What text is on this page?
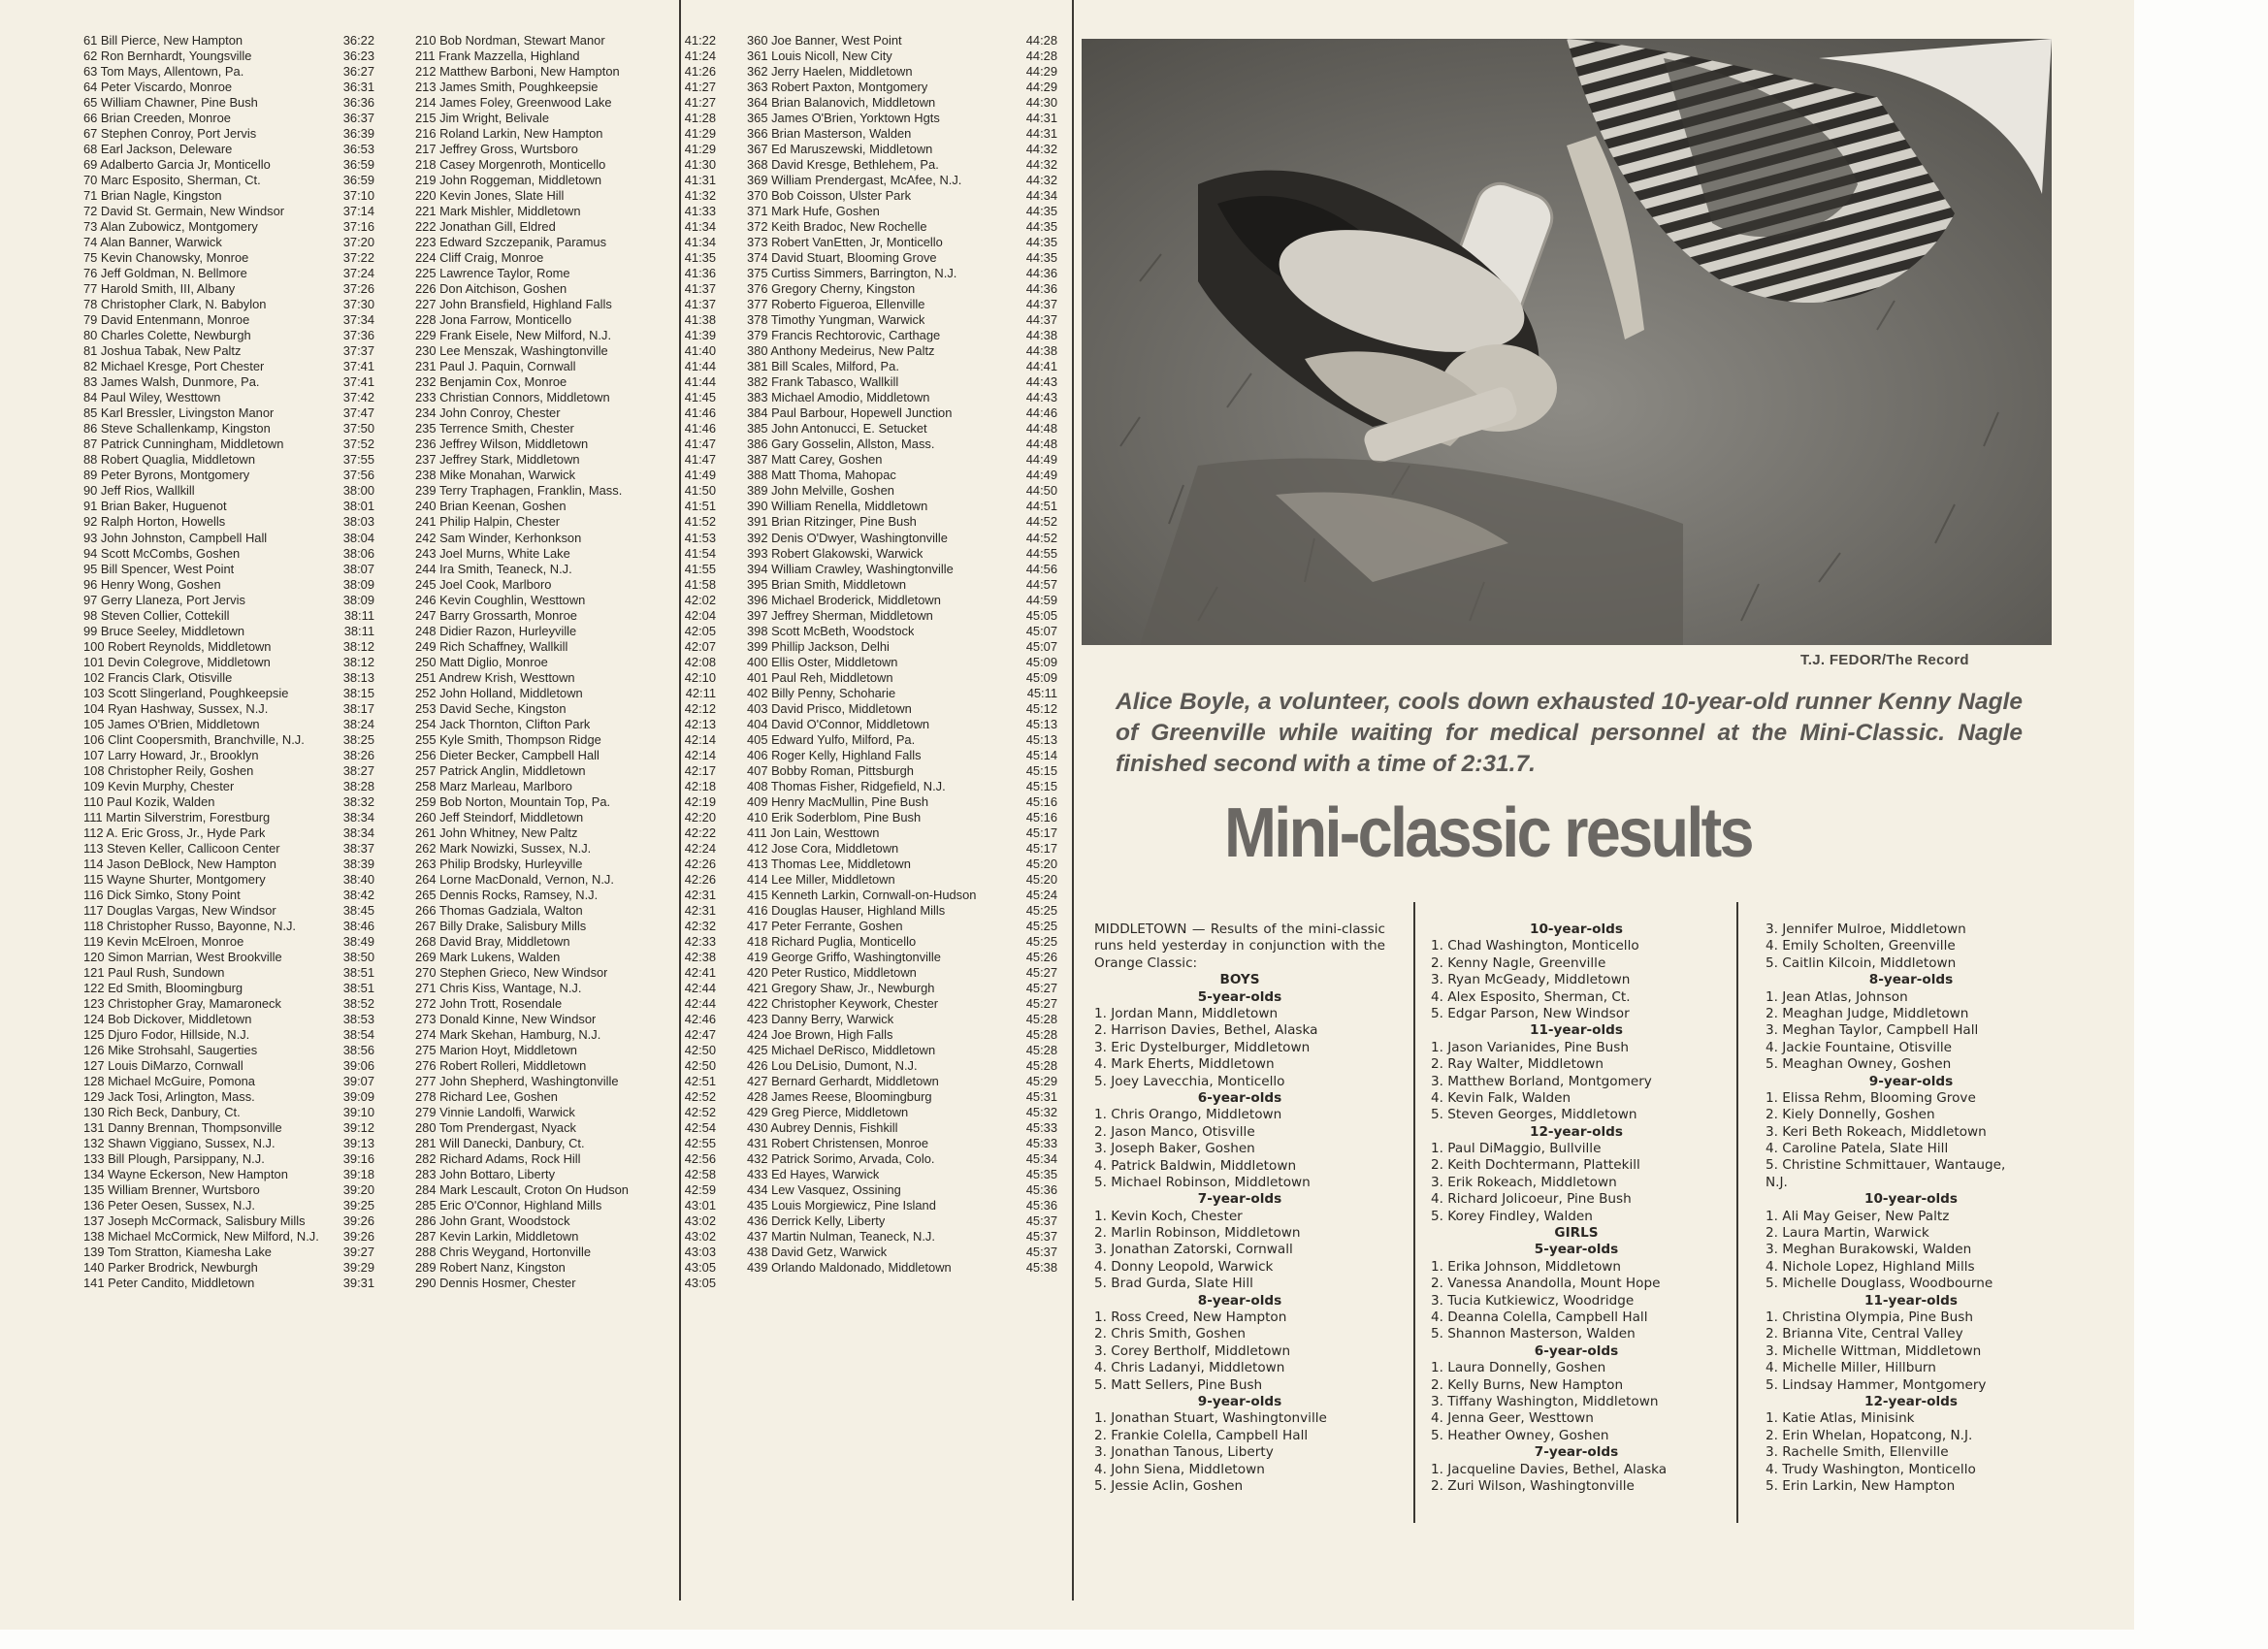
61 Bill Pierce, New Hampton	36:22
62 Ron Bernhardt, Youngsville	36:23
63 Tom Mays, Allentown, Pa.	36:27
64 Peter Viscardo, Monroe	36:31
65 William Chawner, Pine Bush	36:36
66 Brian Creeden, Monroe	36:37
67 Stephen Conroy, Port Jervis	36:39
68 Earl Jackson, Deleware	36:53
69 Adalberto Garcia Jr, Monticello	36:59
70 Marc Esposito, Sherman, Ct.	36:59
71 Brian Nagle, Kingston	37:10
72 David St. Germain, New Windsor	37:14
73 Alan Zubowicz, Montgomery	37:16
74 Alan Banner, Warwick	37:20
75 Kevin Chanowsky, Monroe	37:22
76 Jeff Goldman, N. Bellmore	37:24
77 Harold Smith, III, Albany	37:26
78 Christopher Clark, N. Babylon	37:30
79 David Entenmann, Monroe	37:34
80 Charles Colette, Newburgh	37:36
81 Joshua Tabak, New Paltz	37:37
82 Michael Kresge, Port Chester	37:41
83 James Walsh, Dunmore, Pa.	37:41
84 Paul Wiley, Westtown	37:42
85 Karl Bressler, Livingston Manor	37:47
86 Steve Schallenkamp, Kingston	37:50
87 Patrick Cunningham, Middletown	37:52
88 Robert Quaglia, Middletown	37:55
89 Peter Byrons, Montgomery	37:56
90 Jeff Rios, Wallkill	38:00
91 Brian Baker, Huguenot	38:01
92 Ralph Horton, Howells	38:03
93 John Johnston, Campbell Hall	38:04
94 Scott McCombs, Goshen	38:06
95 Bill Spencer, West Point	38:07
96 Henry Wong, Goshen	38:09
97 Gerry Llaneza, Port Jervis	38:09
98 Steven Collier, Cottekill	38:11
99 Bruce Seeley, Middletown	38:11
100 Robert Reynolds, Middletown	38:12
101 Devin Colegrove, Middletown	38:12
102 Francis Clark, Otisville	38:13
103 Scott Slingerland, Poughkeepsie	38:15
104 Ryan Hashway, Sussex, N.J.	38:17
105 James O'Brien, Middletown	38:24
106 Clint Coopersmith, Branchville, N.J.	38:25
107 Larry Howard, Jr., Brooklyn	38:26
108 Christopher Reily, Goshen	38:27
109 Kevin Murphy, Chester	38:28
110 Paul Kozik, Walden	38:32
111 Martin Silverstrim, Forestburg	38:34
112 A. Eric Gross, Jr., Hyde Park	38:34
113 Steven Keller, Callicoon Center	38:37
114 Jason DeBlock, New Hampton	38:39
115 Wayne Shurter, Montgomery	38:40
116 Dick Simko, Stony Point	38:42
117 Douglas Vargas, New Windsor	38:45
118 Christopher Russo, Bayonne, N.J.	38:46
119 Kevin McElroen, Monroe	38:49
120 Simon Marrian, West Brookville	38:50
121 Paul Rush, Sundown	38:51
122 Ed Smith, Bloomingburg	38:51
123 Christopher Gray, Mamaroneck	38:52
124 Bob Dickover, Middletown	38:53
125 Djuro Fodor, Hillside, N.J.	38:54
126 Mike Strohsahl, Saugerties	38:56
127 Louis DiMarzo, Cornwall	39:06
128 Michael McGuire, Pomona	39:07
129 Jack Tosi, Arlington, Mass.	39:09
130 Rich Beck, Danbury, Ct.	39:10
131 Danny Brennan, Thompsonville	39:12
132 Shawn Viggiano, Sussex, N.J.	39:13
133 Bill Plough, Parsippany, N.J.	39:16
134 Wayne Eckerson, New Hampton	39:18
135 William Brenner, Wurtsboro	39:20
136 Peter Oesen, Sussex, N.J.	39:25
137 Joseph McCormack, Salisbury Mills	39:26
138 Michael McCormick, New Milford, N.J.	39:26
139 Tom Stratton, Kiamesha Lake	39:27
140 Parker Brodrick, Newburgh	39:29
141 Peter Candito, Middletown	39:31
210 Bob Nordman, Stewart Manor	41:22
211 Frank Mazzella, Highland	41:24
212 Matthew Barboni, New Hampton	41:26
213 James Smith, Poughkeepsie	41:27
214 James Foley, Greenwood Lake	41:27
215 Jim Wright, Belivale	41:28
216 Roland Larkin, New Hampton	41:29
217 Jeffrey Gross, Wurtsboro	41:29
218 Casey Morgenroth, Monticello	41:30
219 John Roggeman, Middletown	41:31
220 Kevin Jones, Slate Hill	41:32
221 Mark Mishler, Middletown	41:33
222 Jonathan Gill, Eldred	41:34
223 Edward Szczepanik, Paramus	41:34
224 Cliff Craig, Monroe	41:35
225 Lawrence Taylor, Rome	41:36
226 Don Aitchison, Goshen	41:37
227 John Bransfield, Highland Falls	41:37
228 Jona Farrow, Monticello	41:38
229 Frank Eisele, New Milford, N.J.	41:39
230 Lee Menszak, Washingtonville	41:40
231 Paul J. Paquin, Cornwall	41:44
232 Benjamin Cox, Monroe	41:44
233 Christian Connors, Middletown	41:45
234 John Conroy, Chester	41:46
235 Terrence Smith, Chester	41:46
236 Jeffrey Wilson, Middletown	41:47
237 Jeffrey Stark, Middletown	41:47
238 Mike Monahan, Warwick	41:49
239 Terry Traphagen, Franklin, Mass.	41:50
240 Brian Keenan, Goshen	41:51
241 Philip Halpin, Chester	41:52
242 Sam Winder, Kerhonkson	41:53
243 Joel Murns, White Lake	41:54
244 Ira Smith, Teaneck, N.J.	41:55
245 Joel Cook, Marlboro	41:58
246 Kevin Coughlin, Westtown	42:02
247 Barry Grossarth, Monroe	42:04
248 Didier Razon, Hurleyville	42:05
249 Rich Schaffney, Wallkill	42:07
250 Matt Diglio, Monroe	42:08
251 Andrew Krish, Westtown	42:10
252 John Holland, Middletown	42:11
253 David Seche, Kingston	42:12
254 Jack Thornton, Clifton Park	42:13
255 Kyle Smith, Thompson Ridge	42:14
256 Dieter Becker, Campbell Hall	42:14
257 Patrick Anglin, Middletown	42:17
258 Marz Marleau, Marlboro	42:18
259 Bob Norton, Mountain Top, Pa.	42:19
260 Jeff Steindorf, Middletown	42:20
261 John Whitney, New Paltz	42:22
262 Mark Nowizki, Sussex, N.J.	42:24
263 Philip Brodsky, Hurleyville	42:26
264 Lorne MacDonald, Vernon, N.J.	42:26
265 Dennis Rocks, Ramsey, N.J.	42:31
266 Thomas Gadziala, Walton	42:31
267 Billy Drake, Salisbury Mills	42:32
268 David Bray, Middletown	42:33
269 Mark Lukens, Walden	42:38
270 Stephen Grieco, New Windsor	42:41
271 Chris Kiss, Wantage, N.J.	42:44
272 John Trott, Rosendale	42:44
273 Donald Kinne, New Windsor	42:46
274 Mark Skehan, Hamburg, N.J.	42:47
275 Marion Hoyt, Middletown	42:50
276 Robert Rolleri, Middletown	42:50
277 John Shepherd, Washingtonville	42:51
278 Richard Lee, Goshen	42:52
279 Vinnie Landolfi, Warwick	42:52
280 Tom Prendergast, Nyack	42:54
281 Will Danecki, Danbury, Ct.	42:55
282 Richard Adams, Rock Hill	42:56
283 John Bottaro, Liberty	42:58
284 Mark Lescault, Croton On Hudson	42:59
285 Eric O'Connor, Highland Mills	43:01
286 John Grant, Woodstock	43:02
287 Kevin Larkin, Middletown	43:02
288 Chris Weygand, Hortonville	43:03
289 Robert Nanz, Kingston	43:05
290 Dennis Hosmer, Chester	43:05
360 Joe Banner, West Point	44:28
361 Louis Nicoll, New City	44:28
362 Jerry Haelen, Middletown	44:29
363 Robert Paxton, Montgomery	44:29
364 Brian Balanovich, Middletown	44:30
365 James O'Brien, Yorktown Hgts	44:31
366 Brian Masterson, Walden	44:31
367 Ed Maruszewski, Middletown	44:32
368 David Kresge, Bethlehem, Pa.	44:32
369 William Prendergast, McAfee, N.J.	44:32
370 Bob Coisson, Ulster Park	44:34
371 Mark Hufe, Goshen	44:35
372 Keith Bradoc, New Rochelle	44:35
373 Robert VanEtten, Jr, Monticello	44:35
374 David Stuart, Blooming Grove	44:35
375 Curtiss Simmers, Barrington, N.J.	44:36
376 Gregory Cherny, Kingston	44:36
377 Roberto Figueroa, Ellenville	44:37
378 Timothy Yungman, Warwick	44:37
379 Francis Rechtorovic, Carthage	44:38
380 Anthony Medeirus, New Paltz	44:38
381 Bill Scales, Milford, Pa.	44:41
382 Frank Tabasco, Wallkill	44:43
383 Michael Amodio, Middletown	44:43
384 Paul Barbour, Hopewell Junction	44:46
385 John Antonucci, E. Setucket	44:48
386 Gary Gosselin, Allston, Mass.	44:48
387 Matt Carey, Goshen	44:49
388 Matt Thoma, Mahopac	44:49
389 John Melville, Goshen	44:50
390 William Renella, Middletown	44:51
391 Brian Ritzinger, Pine Bush	44:52
392 Denis O'Dwyer, Washingtonville	44:52
393 Robert Glakowski, Warwick	44:55
394 William Crawley, Washingtonville	44:56
395 Brian Smith, Middletown	44:57
396 Michael Broderick, Middletown	44:59
397 Jeffrey Sherman, Middletown	45:05
398 Scott McBeth, Woodstock	45:07
399 Phillip Jackson, Delhi	45:07
400 Ellis Oster, Middletown	45:09
401 Paul Reh, Middletown	45:09
402 Billy Penny, Schoharie	45:11
403 David Prisco, Middletown	45:12
404 David O'Connor, Middletown	45:13
405 Edward Yulfo, Milford, Pa.	45:13
406 Roger Kelly, Highland Falls	45:14
407 Bobby Roman, Pittsburgh	45:15
408 Thomas Fisher, Ridgefield, N.J.	45:15
409 Henry MacMullin, Pine Bush	45:16
410 Erik Soderblom, Pine Bush	45:16
411 Jon Lain, Westtown	45:17
412 Jose Cora, Middletown	45:17
413 Thomas Lee, Middletown	45:20
414 Lee Miller, Middletown	45:20
415 Kenneth Larkin, Cornwall-on-Hudson	45:24
416 Douglas Hauser, Highland Mills	45:25
417 Peter Ferrante, Goshen	45:25
418 Richard Puglia, Monticello	45:25
419 George Griffo, Washingtonville	45:26
420 Peter Rustico, Middletown	45:27
421 Gregory Shaw, Jr., Newburgh	45:27
422 Christopher Keywork, Chester	45:27
423 Danny Berry, Warwick	45:28
424 Joe Brown, High Falls	45:28
425 Michael DeRisco, Middletown	45:28
426 Lou DeLisio, Dumont, N.J.	45:28
427 Bernard Gerhardt, Middletown	45:29
428 James Reese, Bloomingburg	45:31
429 Greg Pierce, Middletown	45:32
430 Aubrey Dennis, Fishkill	45:33
431 Robert Christensen, Monroe	45:33
432 Patrick Sorimo, Arvada, Colo.	45:34
433 Ed Hayes, Warwick	45:35
434 Lew Vasquez, Ossining	45:36
435 Louis Morgiewicz, Pine Island	45:36
436 Derrick Kelly, Liberty	45:37
437 Martin Nulman, Teaneck, N.J.	45:37
438 David Getz, Warwick	45:37
439 Orlando Maldonado, Middletown	45:38
T.J. FEDOR/The Record
Alice Boyle, a volunteer, cools down exhausted 10-year-old runner Kenny Nagle of Greenville while waiting for medical personnel at the Mini-Classic. Nagle finished second with a time of 2:31.7.
Mini-classic results
MIDDLETOWN — Results of the mini-classic runs held yesterday in conjunction with the Orange Classic:
BOYS
5-year-olds
1. Jordan Mann, Middletown
2. Harrison Davies, Bethel, Alaska
3. Eric Dystelburger, Middletown
4. Mark Eherts, Middletown
5. Joey Lavecchia, Monticello
6-year-olds
1. Chris Orango, Middletown
2. Jason Manco, Otisville
3. Joseph Baker, Goshen
4. Patrick Baldwin, Middletown
5. Michael Robinson, Middletown
7-year-olds
1. Kevin Koch, Chester
2. Marlin Robinson, Middletown
3. Jonathan Zatorski, Cornwall
4. Donny Leopold, Warwick
5. Brad Gurda, Slate Hill
8-year-olds
1. Ross Creed, New Hampton
2. Chris Smith, Goshen
3. Corey Bertholf, Middletown
4. Chris Ladanyi, Middletown
5. Matt Sellers, Pine Bush
9-year-olds
1. Jonathan Stuart, Washingtonville
2. Frankie Colella, Campbell Hall
3. Jonathan Tanous, Liberty
4. John Siena, Middletown
5. Jessie Aclin, Goshen
10-year-olds
1. Chad Washington, Monticello
2. Kenny Nagle, Greenville
3. Ryan McGeady, Middletown
4. Alex Esposito, Sherman, Ct.
5. Edgar Parson, New Windsor
11-year-olds
1. Jason Varianides, Pine Bush
2. Ray Walter, Middletown
3. Matthew Borland, Montgomery
4. Kevin Falk, Walden
5. Steven Georges, Middletown
12-year-olds
1. Paul DiMaggio, Bullville
2. Keith Dochtermann, Plattekill
3. Erik Rokeach, Middletown
4. Richard Jolicoeur, Pine Bush
5. Korey Findley, Walden
GIRLS
5-year-olds
1. Erika Johnson, Middletown
2. Vanessa Anandolla, Mount Hope
3. Tucia Kutkiewicz, Woodridge
4. Deanna Colella, Campbell Hall
5. Shannon Masterson, Walden
6-year-olds
1. Laura Donnelly, Goshen
2. Kelly Burns, New Hampton
3. Tiffany Washington, Middletown
4. Jenna Geer, Westtown
5. Heather Owney, Goshen
7-year-olds
1. Jacqueline Davies, Bethel, Alaska
2. Zuri Wilson, Washingtonville
3. Jennifer Mulroe, Middletown
4. Emily Scholten, Greenville
5. Caitlin Kilcoin, Middletown
8-year-olds
1. Jean Atlas, Johnson
2. Meaghan Judge, Middletown
3. Meghan Taylor, Campbell Hall
4. Jackie Fountaine, Otisville
5. Meaghan Owney, Goshen
9-year-olds
1. Elissa Rehm, Blooming Grove
2. Kiely Donnelly, Goshen
3. Keri Beth Rokeach, Middletown
4. Caroline Patela, Slate Hill
5. Christine Schmittauer, Wantauge,
N.J.
10-year-olds
1. Ali May Geiser, New Paltz
2. Laura Martin, Warwick
3. Meghan Burakowski, Walden
4. Nichole Lopez, Highland Mills
5. Michelle Douglass, Woodbourne
11-year-olds
1. Christina Olympia, Pine Bush
2. Brianna Vite, Central Valley
3. Michelle Wittman, Middletown
4. Michelle Miller, Hillburn
5. Lindsay Hammer, Montgomery
12-year-olds
1. Katie Atlas, Minisink
2. Erin Whelan, Hopatcong, N.J.
3. Rachelle Smith, Ellenville
4. Trudy Washington, Monticello
5. Erin Larkin, New Hampton
